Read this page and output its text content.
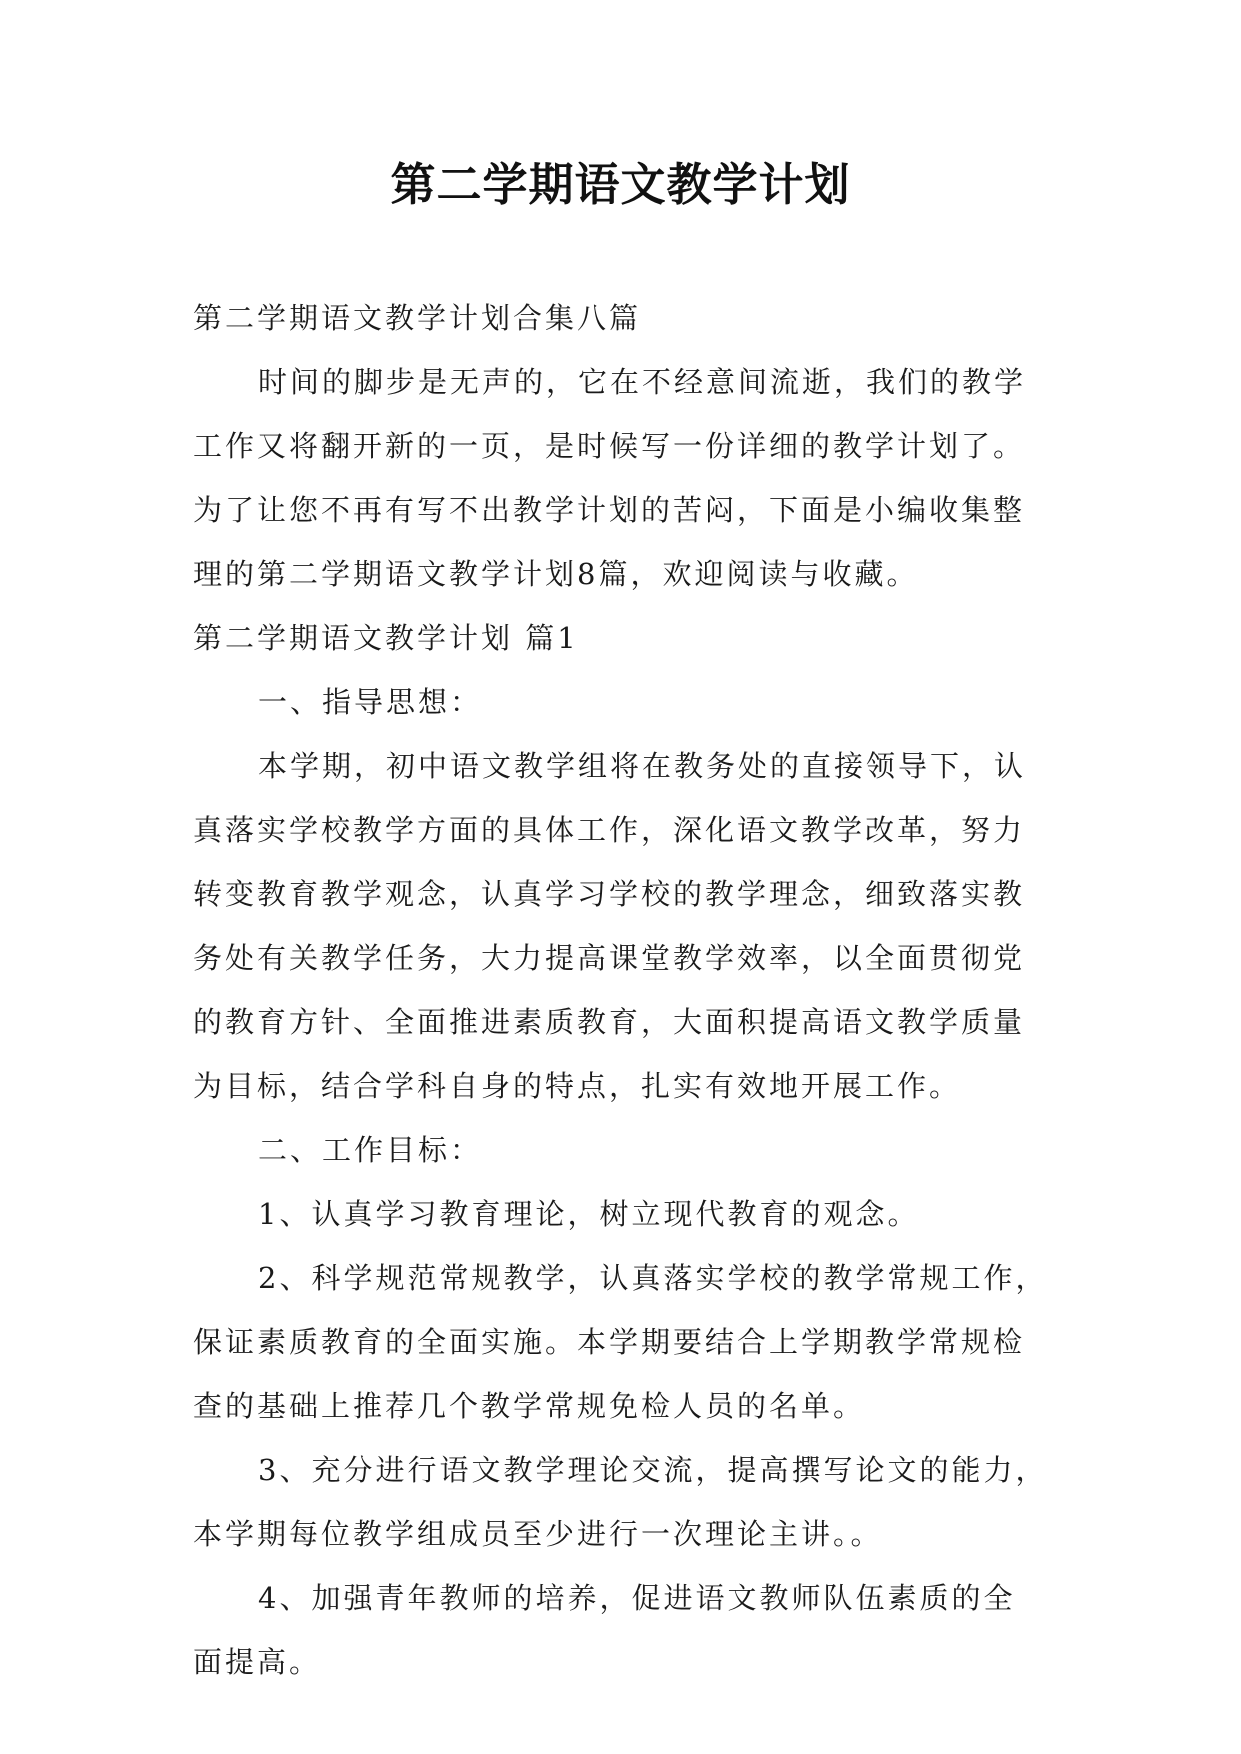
第二学期语文教学计划

第二学期语文教学计划合集八篇

时间的脚步是无声的，它在不经意间流逝，我们的教学

工作又将翻开新的一页，是时候写一份详细的教学计划了。

为了让您不再有写不出教学计划的苦闷，下面是小编收集整

理的第二学期语文教学计划8篇，欢迎阅读与收藏。

第二学期语文教学计划 篇1

一、指导思想：

本学期，初中语文教学组将在教务处的直接领导下，认

真落实学校教学方面的具体工作，深化语文教学改革，努力

转变教育教学观念，认真学习学校的教学理念，细致落实教

务处有关教学任务，大力提高课堂教学效率，以全面贯彻党

的教育方针、全面推进素质教育，大面积提高语文教学质量

为目标，结合学科自身的特点，扎实有效地开展工作。

二、工作目标：

1、认真学习教育理论，树立现代教育的观念。

2、科学规范常规教学，认真落实学校的教学常规工作，

保证素质教育的全面实施。本学期要结合上学期教学常规检

查的基础上推荐几个教学常规免检人员的名单。

3、充分进行语文教学理论交流，提高撰写论文的能力，

本学期每位教学组成员至少进行一次理论主讲。。

4、加强青年教师的培养，促进语文教师队伍素质的全

面提高。
